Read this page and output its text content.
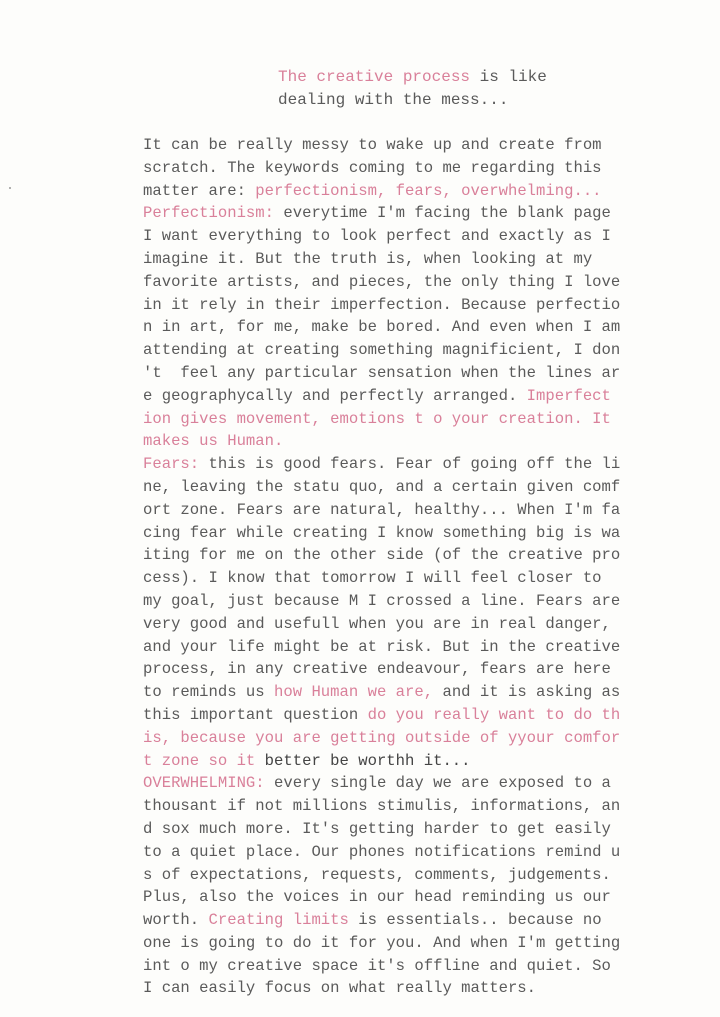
The creative process is like
dealing with the mess...
It can be really messy to wake up and create from
scratch. The keywords coming to me regarding this
matter are: perfectionism, fears, overwhelming...
Perfectionism: everytime I'm facing the blank page
I want everything to look perfect and exactly as I
imagine it. But the truth is, when looking at my
favorite artists, and pieces, the only thing I love
in it rely in their imperfection. Because perfectio
n in art, for me, make be bored. And even when I am
attending at creating something magnificient, I don
't  feel any particular sensation when the lines ar
e geographycally and perfectly arranged. Imperfect
ion gives movement, emotions t o your creation. It
makes us Human.
Fears: this is good fears. Fear of going off the li
ne, leaving the statu quo, and a certain given comf
ort zone. Fears are natural, healthy... When I'm fa
cing fear while creating I know something big is wa
iting for me on the other side (of the creative pro
cess). I know that tomorrow I will feel closer to
my goal, just because M I crossed a line. Fears are
very good and usefull when you are in real danger,
and your life might be at risk. But in the creative
process, in any creative endeavour, fears are here
to reminds us how Human we are, and it is asking as
this important question do you really want to do th
is, because you are getting outside of yyour comfor
t zone so it better be worthh it...
OVERWHELMING: every single day we are exposed to a
thousant if not millions stimulis, informations, an
d sox much more. It's getting harder to get easily
to a quiet place. Our phones notifications remind u
s of expectations, requests, comments, judgements.
Plus, also the voices in our head reminding us our
worth. Creating limits is essentials.. because no
one is going to do it for you. And when I'm getting
int o my creative space it's offline and quiet. So
I can easily focus on what really matters.
